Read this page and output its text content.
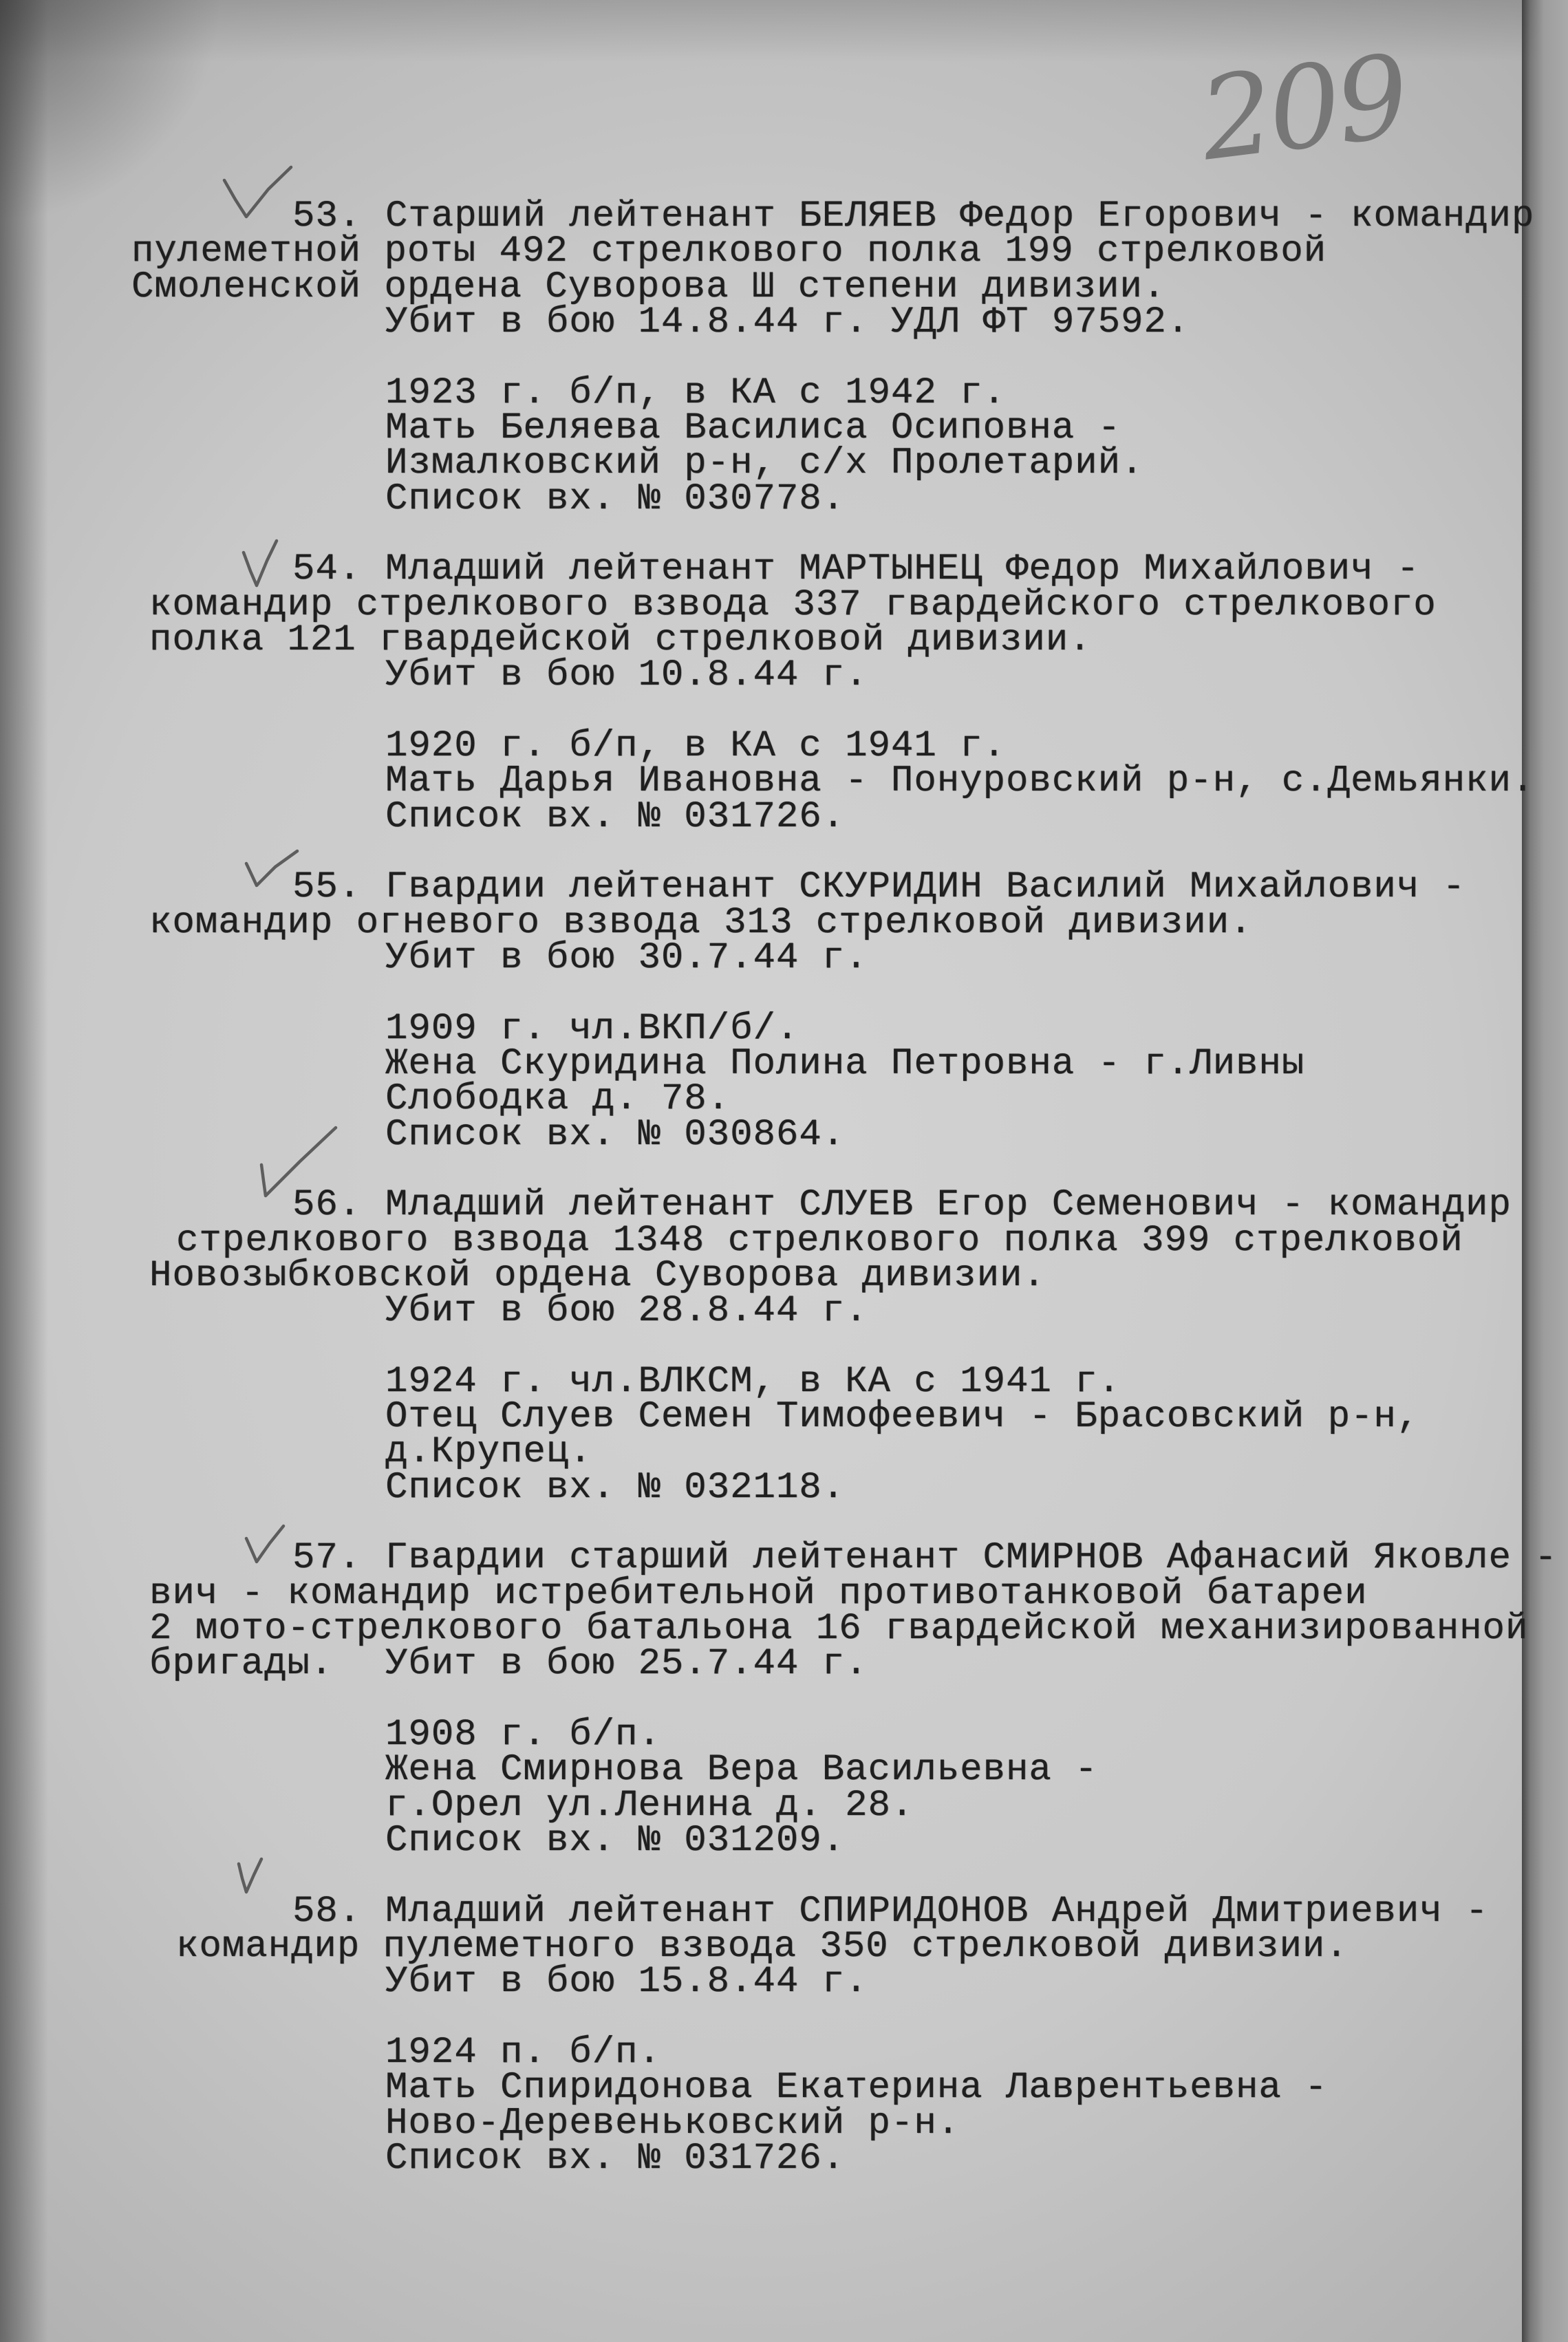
209
53. Старший лейтенант БЕЛЯЕВ Федор Егорович - командир
пулеметной роты 492 стрелкового полка 199 стрелковой
Смоленской ордена Суворова Ш степени дивизии.
Убит в бою 14.8.44 г. УДЛ ФТ 97592.
1923 г. б/п, в КА с 1942 г.
Мать Беляева Василиса Осиповна -
Измалковский р-н, с/х Пролетарий.
Список вх. № 030778.
54. Младший лейтенант МАРТЫНЕЦ Федор Михайлович -
командир стрелкового взвода 337 гвардейского стрелкового
полка 121 гвардейской стрелковой дивизии.
Убит в бою 10.8.44 г.
1920 г. б/п, в КА с 1941 г.
Мать Дарья Ивановна - Понуровский р-н, с.Демьянки.
Список вх. № 031726.
55. Гвардии лейтенант СКУРИДИН Василий Михайлович -
командир огневого взвода 313 стрелковой дивизии.
Убит в бою 30.7.44 г.
1909 г. чл.ВКП/б/.
Жена Скуридина Полина Петровна - г.Ливны
Слободка д. 78.
Список вх. № 030864.
56. Младший лейтенант СЛУЕВ Егор Семенович - командир
стрелкового взвода 1348 стрелкового полка 399 стрелковой
Новозыбковской ордена Суворова дивизии.
Убит в бою 28.8.44 г.
1924 г. чл.ВЛКСМ, в КА с 1941 г.
Отец Слуев Семен Тимофеевич - Брасовский р-н,
д.Крупец.
Список вх. № 032118.
57. Гвардии старший лейтенант СМИРНОВ Афанасий Яковле -
вич - командир истребительной противотанковой батареи
2 мото-стрелкового батальона 16 гвардейской механизированной
бригады. Убит в бою 25.7.44 г.
1908 г. б/п.
Жена Смирнова Вера Васильевна -
г.Орел ул.Ленина д. 28.
Список вх. № 031209.
58. Младший лейтенант СПИРИДОНОВ Андрей Дмитриевич -
командир пулеметного взвода 350 стрелковой дивизии.
Убит в бою 15.8.44 г.
1924 п. б/п.
Мать Спиридонова Екатерина Лаврентьевна -
Ново-Деревеньковский р-н.
Список вх. № 031726.
